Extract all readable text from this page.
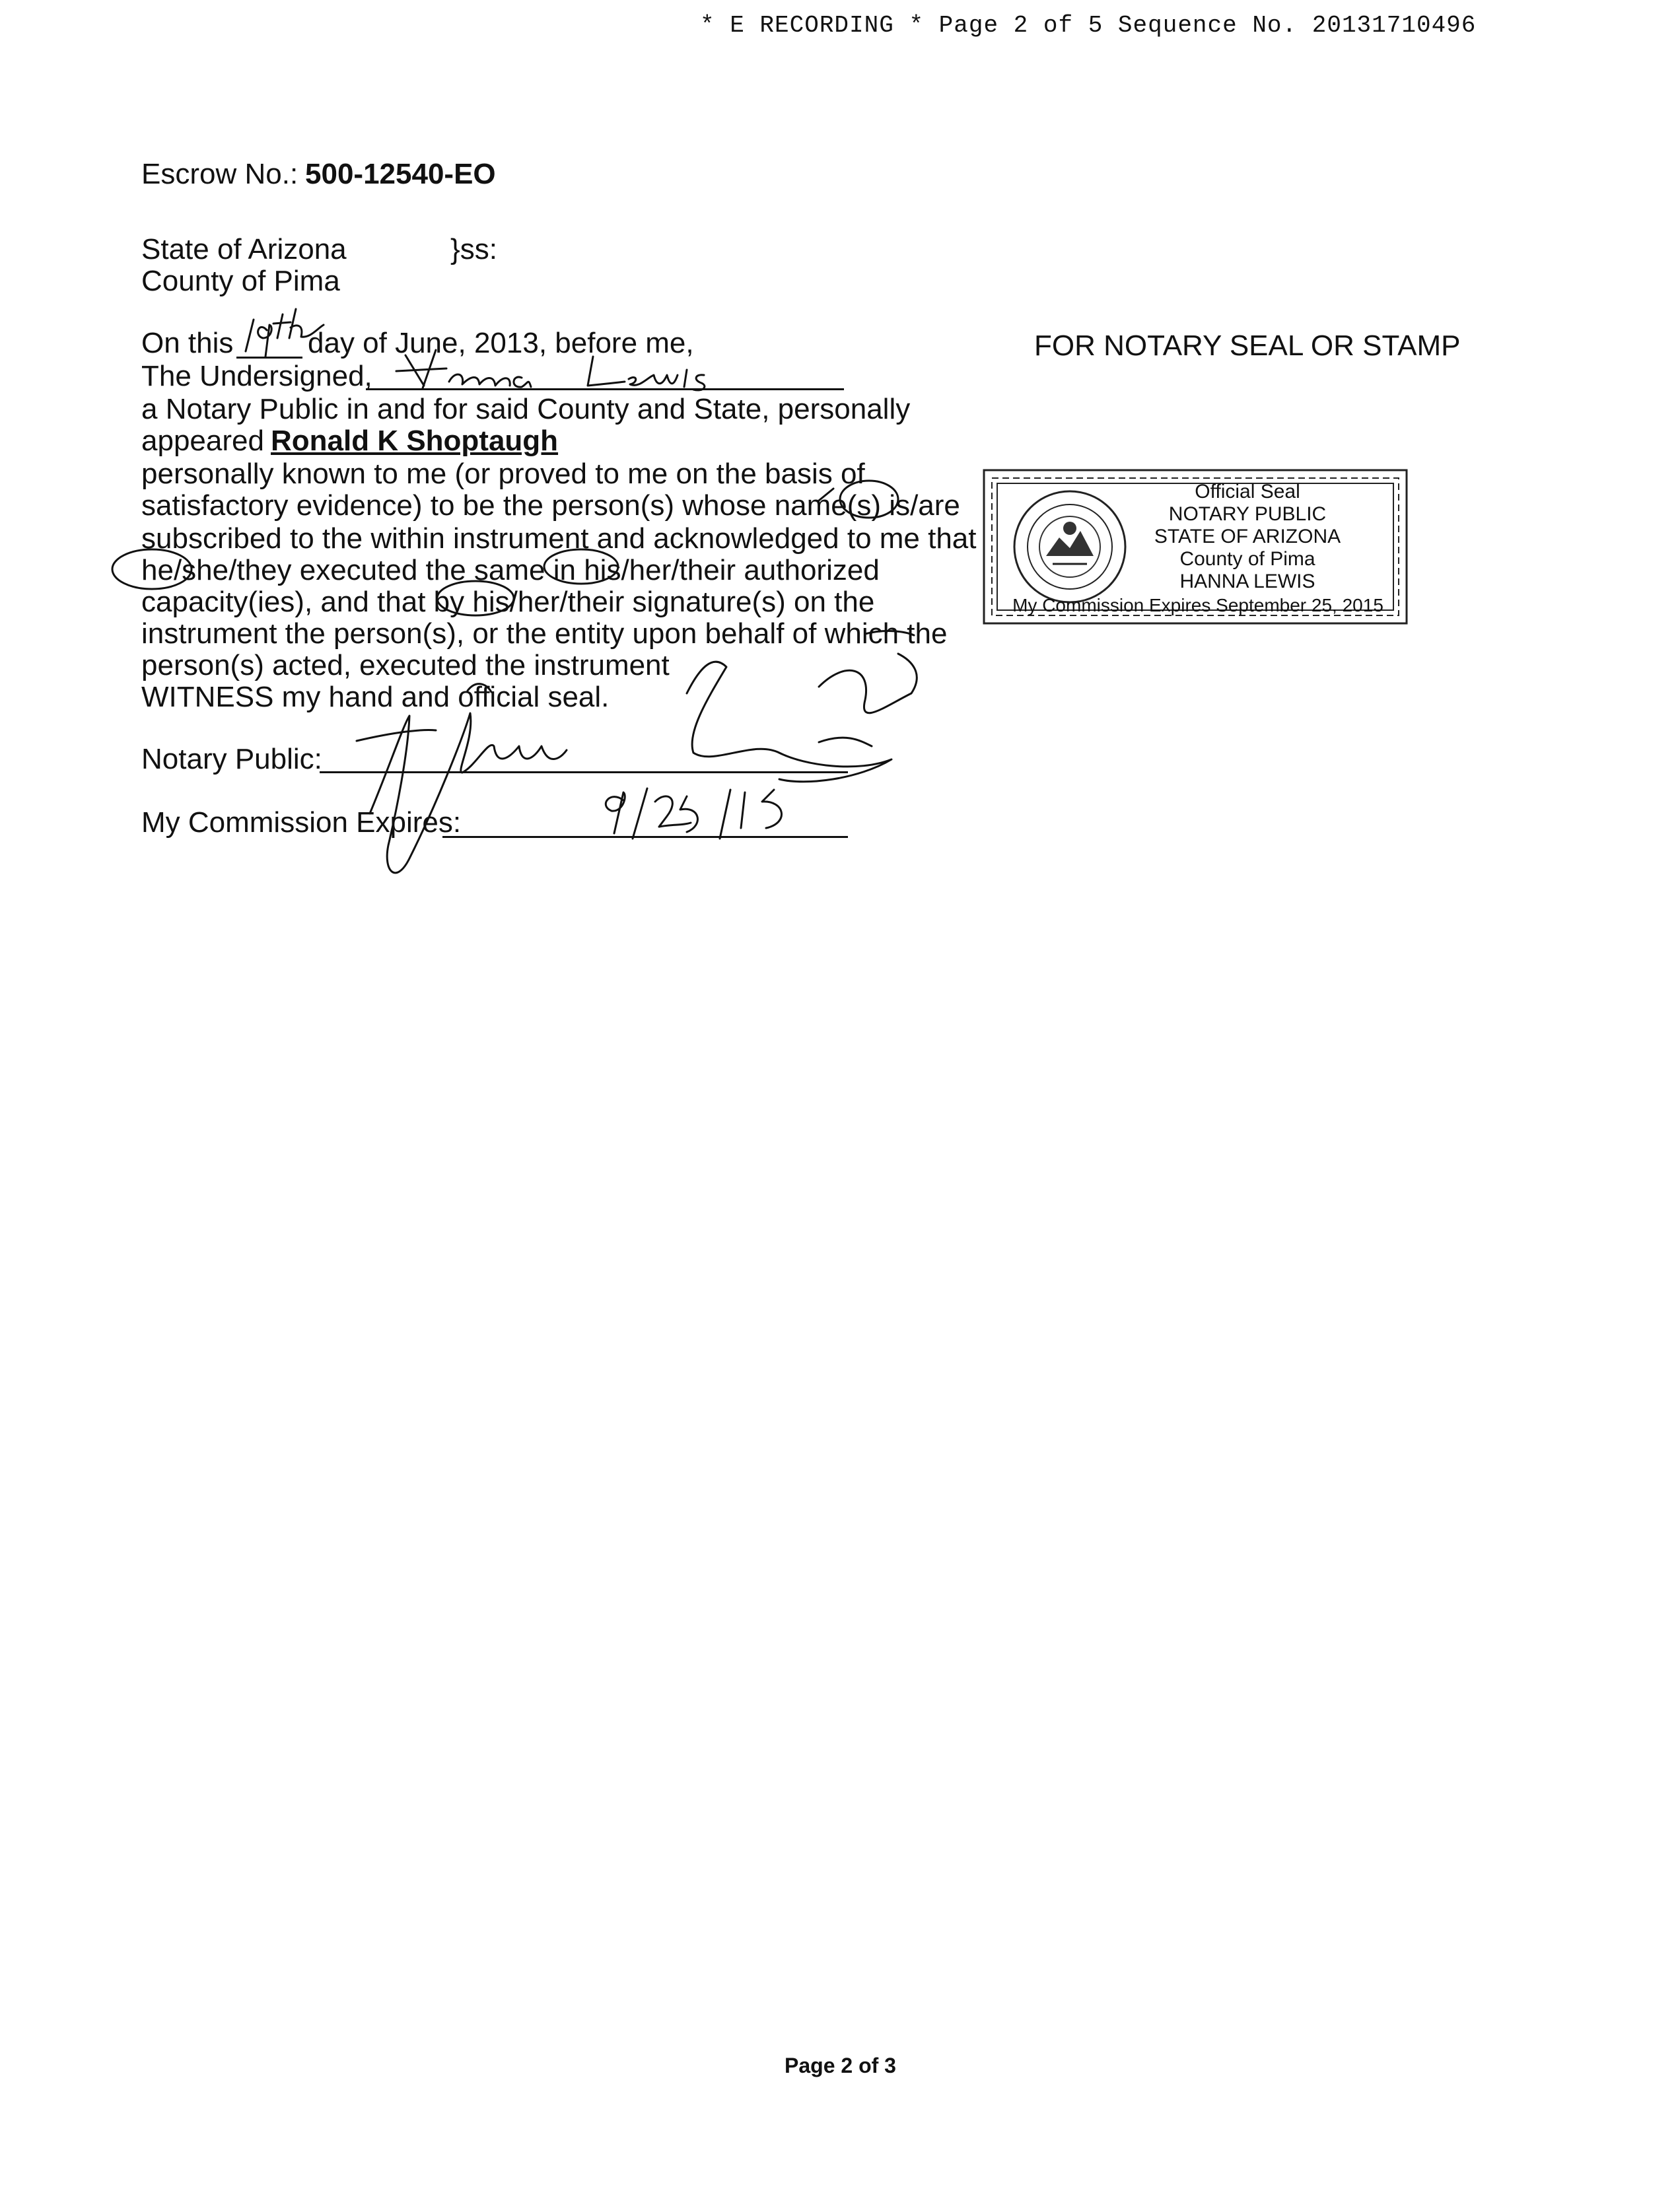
* E RECORDING * Page 2 of 5 Sequence No. 20131710496
Escrow No.: 500-12540-EO
State of Arizona	}ss:
County of Pima
On this	day of June, 2013, before me,
The Undersigned,
a Notary Public in and for said County and State, personally
appeared Ronald K Shoptaugh
personally known to me (or proved to me on the basis of
satisfactory evidence) to be the person(s) whose name(s) is/are
subscribed to the within instrument and acknowledged to me that
he/she/they executed the same in his/her/their authorized
capacity(ies), and that by his/her/their signature(s) on the
instrument the person(s), or the entity upon behalf of which the
person(s) acted, executed the instrument
WITNESS my hand and official seal.
Notary Public:
My Commission Expires:
FOR NOTARY SEAL OR STAMP
Official Seal
NOTARY PUBLIC
STATE OF ARIZONA
County of Pima
HANNA LEWIS
My Commission Expires September 25, 2015
Page 2 of 3
